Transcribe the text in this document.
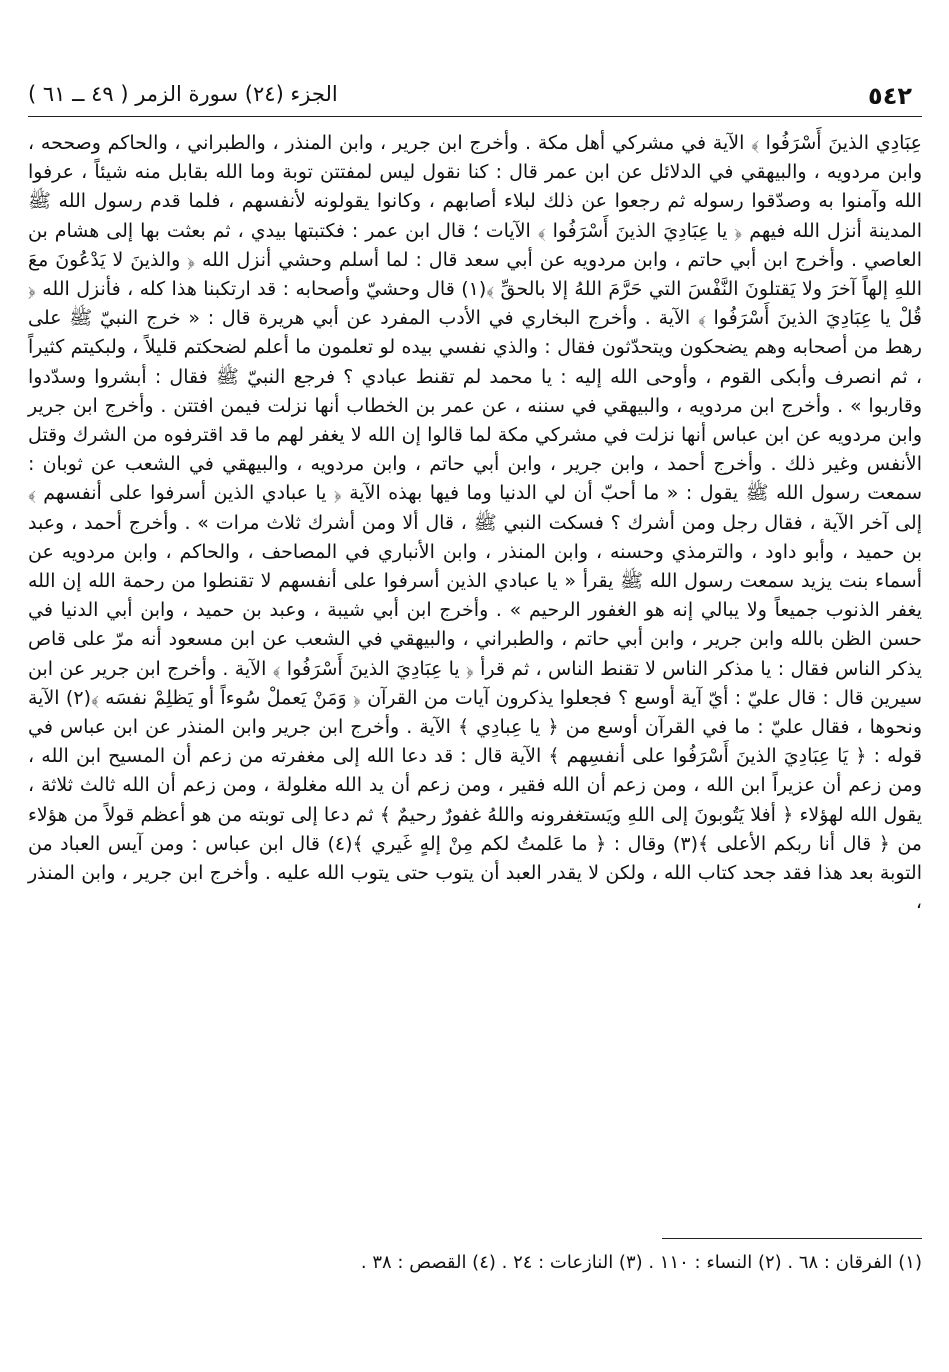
٥٤٢
الجزء (٢٤) سورة الزمر ( ٤٩ ــ ٦١ )
عِبَادِي الذينَ أَسْرَفُوا ﴾ الآية في مشركي أهل مكة . وأخرج ابن جرير ، وابن المنذر ، والطبراني ، والحاكم وصححه ، وابن مردويه ، والبيهقي في الدلائل عن ابن عمر قال : كنا نقول ليس لمفتتن توبة وما الله بقابل منه شيئاً ، عرفوا الله وآمنوا به وصدّقوا رسوله ثم رجعوا عن ذلك لبلاء أصابهم ، وكانوا يقولونه لأنفسهم ، فلما قدم رسول الله ﷺ المدينة أنزل الله فيهم ﴿ يا عِبَادِيَ الذينَ أَسْرَفُوا ﴾ الآيات ؛ قال ابن عمر : فكتبتها بيدي ، ثم بعثت بها إلى هشام بن العاصي . وأخرج ابن أبي حاتم ، وابن مردويه عن أبي سعد قال : لما أسلم وحشي أنزل الله ﴿ والذينَ لا يَدْعُونَ معَ اللهِ إلهاً آخرَ ولا يَقتلونَ النَّفْسَ التي حَرَّمَ اللهُ إلا بالحقِّ ﴾(١) قال وحشيّ وأصحابه : قد ارتكبنا هذا كله ، فأنزل الله ﴿ قُلْ يا عِبَادِيَ الذينَ أَسْرَفُوا ﴾ الآية . وأخرج البخاري في الأدب المفرد عن أبي هريرة قال : « خرج النبيّ ﷺ على رهط من أصحابه وهم يضحكون ويتحدّثون فقال : والذي نفسي بيده لو تعلمون ما أعلم لضحكتم قليلاً ، ولبكيتم كثيراً ، ثم انصرف وأبكى القوم ، وأوحى الله إليه : يا محمد لم تقنط عبادي ؟ فرجع النبيّ ﷺ فقال : أبشروا وسدّدوا وقاربوا » . وأخرج ابن مردويه ، والبيهقي في سننه ، عن عمر بن الخطاب أنها نزلت فيمن افتتن . وأخرج ابن جرير وابن مردويه عن ابن عباس أنها نزلت في مشركي مكة لما قالوا إن الله لا يغفر لهم ما قد اقترفوه من الشرك وقتل الأنفس وغير ذلك . وأخرج أحمد ، وابن جرير ، وابن أبي حاتم ، وابن مردويه ، والبيهقي في الشعب عن ثوبان : سمعت رسول الله ﷺ يقول : « ما أحبّ أن لي الدنيا وما فيها بهذه الآية ﴿ يا عبادي الذين أسرفوا على أنفسهم ﴾ إلى آخر الآية ، فقال رجل ومن أشرك ؟ فسكت النبي ﷺ ، قال ألا ومن أشرك ثلاث مرات » . وأخرج أحمد ، وعبد بن حميد ، وأبو داود ، والترمذي وحسنه ، وابن المنذر ، وابن الأنباري في المصاحف ، والحاكم ، وابن مردويه عن أسماء بنت يزيد سمعت رسول الله ﷺ يقرأ « يا عبادي الذين أسرفوا على أنفسهم لا تقنطوا من رحمة الله إن الله يغفر الذنوب جميعاً ولا يبالي إنه هو الغفور الرحيم » . وأخرج ابن أبي شيبة ، وعبد بن حميد ، وابن أبي الدنيا في حسن الظن بالله وابن جرير ، وابن أبي حاتم ، والطبراني ، والبيهقي في الشعب عن ابن مسعود أنه مرّ على قاص يذكر الناس فقال : يا مذكر الناس لا تقنط الناس ، ثم قرأ ﴿ يا عِبَادِيَ الذينَ أَسْرَفُوا ﴾ الآية . وأخرج ابن جرير عن ابن سيرين قال : قال عليّ : أيّ آية أوسع ؟ فجعلوا يذكرون آيات من القرآن ﴿ وَمَنْ يَعملْ سُوءاً أو يَظلِمْ نفسَه ﴾(٢) الآية ونحوها ، فقال عليّ : ما في القرآن أوسع من ﴿ يا عِبادِي ﴾ الآية . وأخرج ابن جرير وابن المنذر عن ابن عباس في قوله : ﴿ يَا عِبَادِيَ الذينَ أَسْرَفُوا على أنفسِهم ﴾ الآية قال : قد دعا الله إلى مغفرته من زعم أن المسيح ابن الله ، ومن زعم أن عزيراً ابن الله ، ومن زعم أن الله فقير ، ومن زعم أن يد الله مغلولة ، ومن زعم أن الله ثالث ثلاثة ، يقول الله لهؤلاء ﴿ أفلا يَتُوبونَ إلى اللهِ ويَستغفرونه واللهُ غفورٌ رحيمٌ ﴾ ثم دعا إلى توبته من هو أعظم قولاً من هؤلاء من ﴿ قال أنا ربكم الأعلى ﴾(٣) وقال : ﴿ ما عَلمتُ لكم مِنْ إلهٍ غَيري ﴾(٤) قال ابن عباس : ومن آيس العباد من التوبة بعد هذا فقد جحد كتاب الله ، ولكن لا يقدر العبد أن يتوب حتى يتوب الله عليه . وأخرج ابن جرير ، وابن المنذر ،
(١) الفرقان : ٦٨ . (٢) النساء : ١١٠ . (٣) النازعات : ٢٤ . (٤) القصص : ٣٨ .
